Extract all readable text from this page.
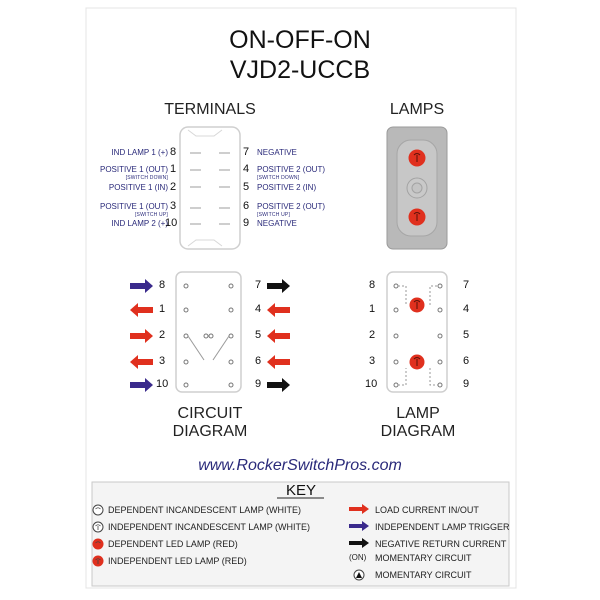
ON-OFF-ON
VJD2-UCCB
TERMINALS	LAMPS
IND LAMP 1 (+) 8
POSITIVE 1 (OUT)
[SWITCH DOWN]
1
POSITIVE 1 (IN) 2
POSITIVE 1 (OUT)
[SWITCH UP]
3
IND LAMP 2 (+)
10
7 NEGATIVE
4 POSITIVE 2 (OUT)
[SWITCH DOWN]
5 POSITIVE 2 (IN)
6 POSITIVE 2 (OUT)
[SWITCH UP]
9 NEGATIVE
8
1
2
3
10
7
4
5
6
9
8
1
2
3
10
7
4
5
6
9
CIRCUIT
DIAGRAM
LAMP
DIAGRAM
www.RockerSwitchPros.com
KEY
DEPENDENT INCANDESCENT LAMP (WHITE)
INDEPENDENT INCANDESCENT LAMP (WHITE)
DEPENDENT LED LAMP (RED)
INDEPENDENT LED LAMP (RED)
LOAD CURRENT IN/OUT
INDEPENDENT LAMP TRIGGER
NEGATIVE RETURN CURRENT
(ON) MOMENTARY CIRCUIT
MOMENTARY CIRCUIT
